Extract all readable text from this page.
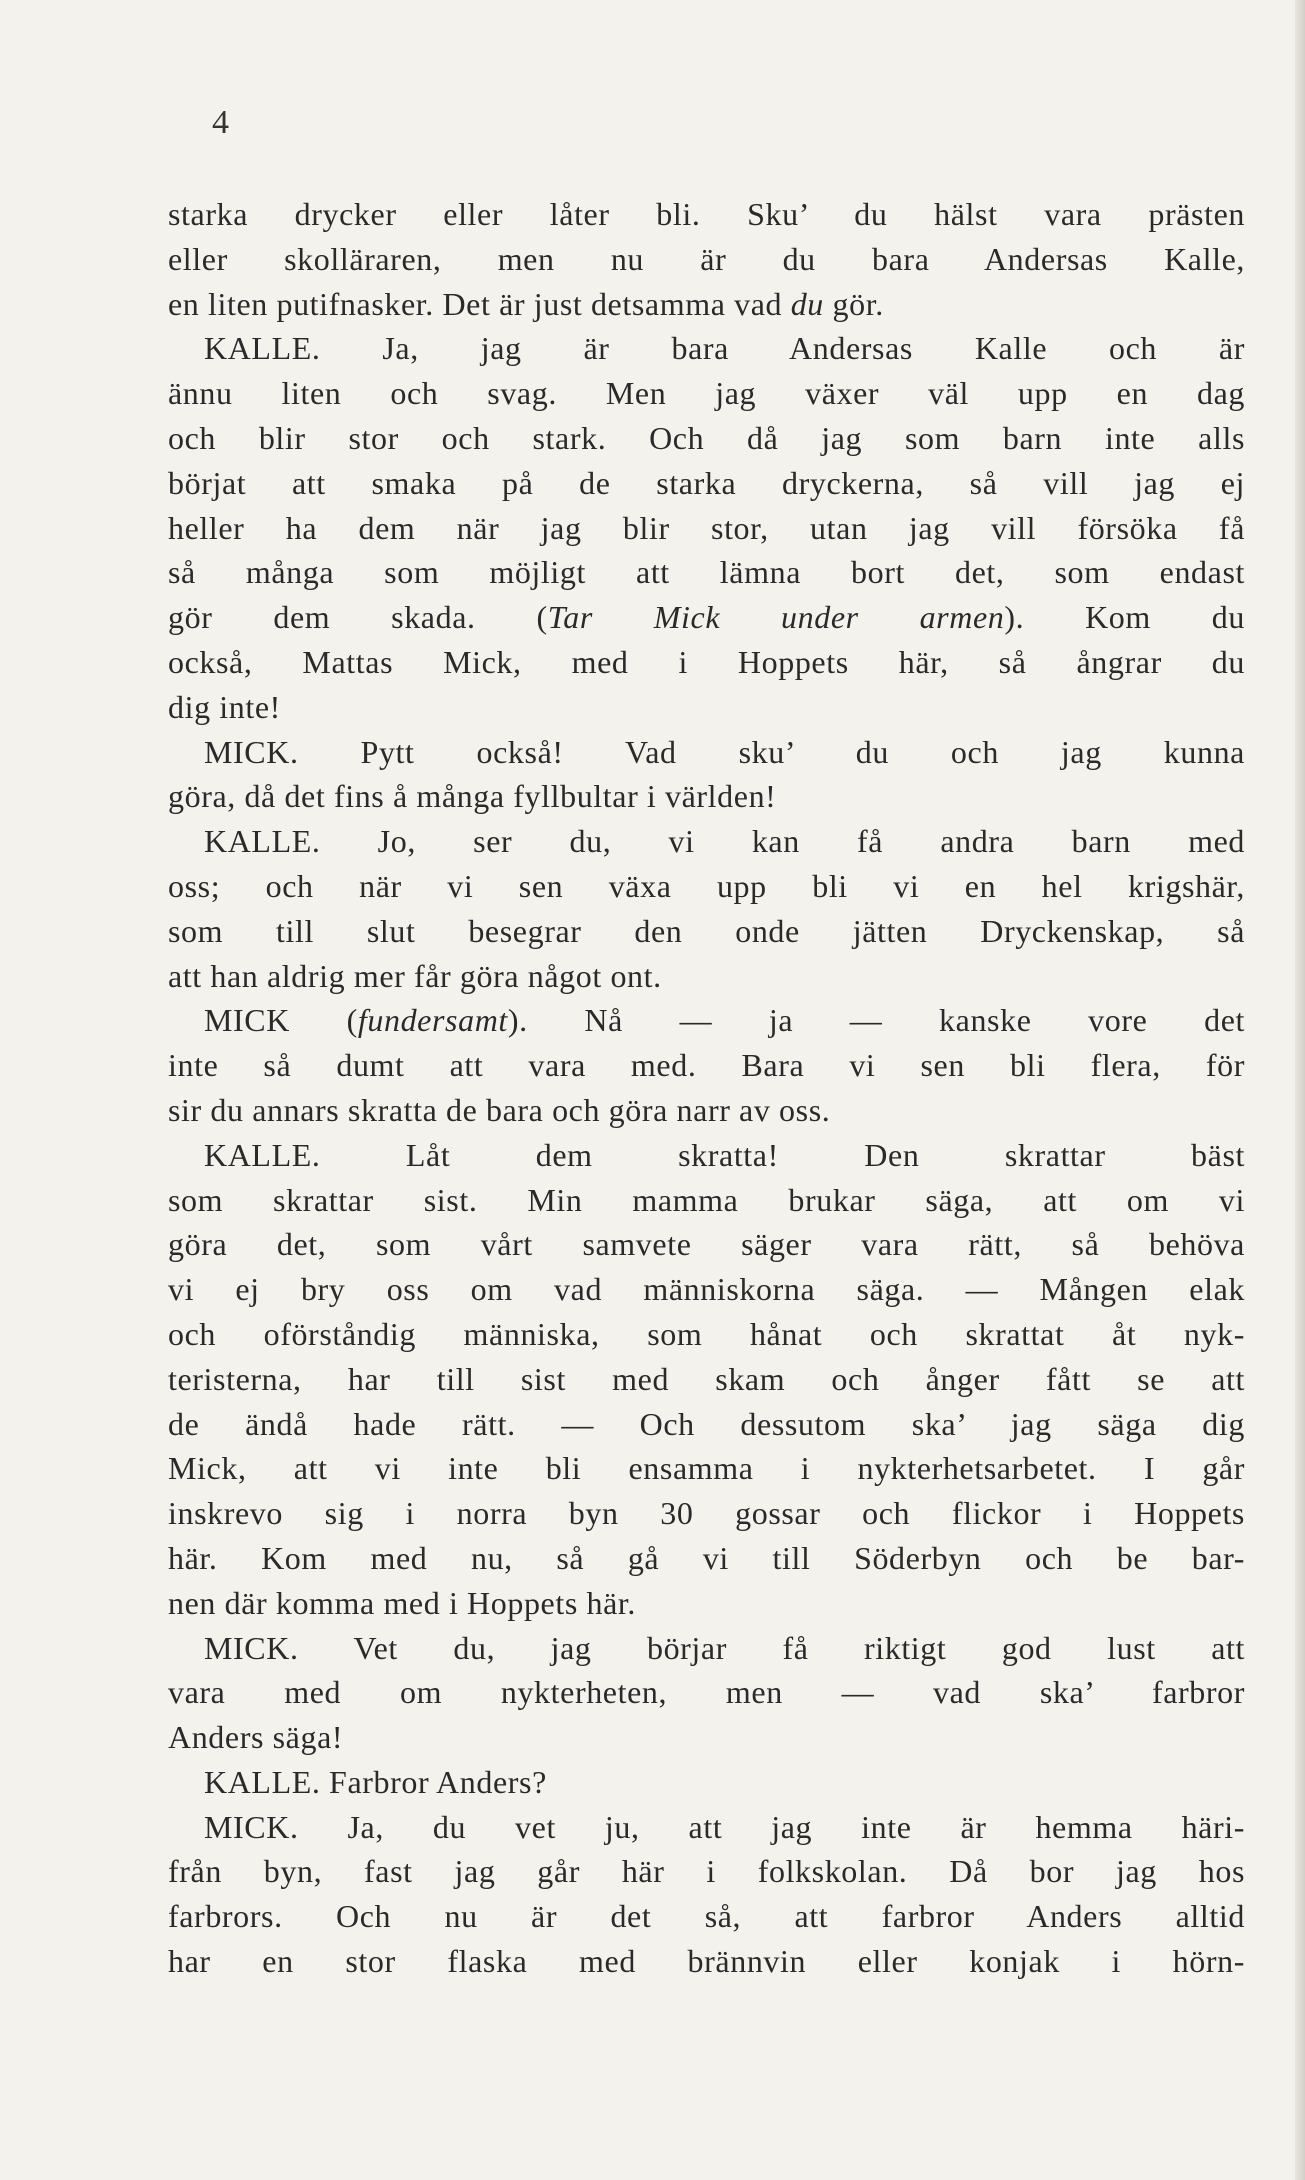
4
starka drycker eller låter bli. Sku’ du hälst vara prästen
eller skolläraren, men nu är du bara Andersas Kalle,
en liten putifnasker. Det är just detsamma vad du gör.
KALLE. Ja, jag är bara Andersas Kalle och är
ännu liten och svag. Men jag växer väl upp en dag
och blir stor och stark. Och då jag som barn inte alls
börjat att smaka på de starka dryckerna, så vill jag ej
heller ha dem när jag blir stor, utan jag vill försöka få
så många som möjligt att lämna bort det, som endast
gör dem skada. (Tar Mick under armen). Kom du
också, Mattas Mick, med i Hoppets här, så ångrar du
dig inte!
MICK. Pytt också! Vad sku’ du och jag kunna
göra, då det fins å många fyllbultar i världen!
KALLE. Jo, ser du, vi kan få andra barn med
oss; och när vi sen växa upp bli vi en hel krigshär,
som till slut besegrar den onde jätten Dryckenskap, så
att han aldrig mer får göra något ont.
MICK (fundersamt). Nå — ja — kanske vore det
inte så dumt att vara med. Bara vi sen bli flera, för
sir du annars skratta de bara och göra narr av oss.
KALLE. Låt dem skratta! Den skrattar bäst
som skrattar sist. Min mamma brukar säga, att om vi
göra det, som vårt samvete säger vara rätt, så behöva
vi ej bry oss om vad människorna säga. — Mången elak
och oförståndig människa, som hånat och skrattat åt nyk-
teristerna, har till sist med skam och ånger fått se att
de ändå hade rätt. — Och dessutom ska’ jag säga dig
Mick, att vi inte bli ensamma i nykterhetsarbetet. I går
inskrevo sig i norra byn 30 gossar och flickor i Hoppets
här. Kom med nu, så gå vi till Söderbyn och be bar-
nen där komma med i Hoppets här.
MICK. Vet du, jag börjar få riktigt god lust att
vara med om nykterheten, men — vad ska’ farbror
Anders säga!
KALLE. Farbror Anders?
MICK. Ja, du vet ju, att jag inte är hemma häri-
från byn, fast jag går här i folkskolan. Då bor jag hos
farbrors. Och nu är det så, att farbror Anders alltid
har en stor flaska med brännvin eller konjak i hörn-
